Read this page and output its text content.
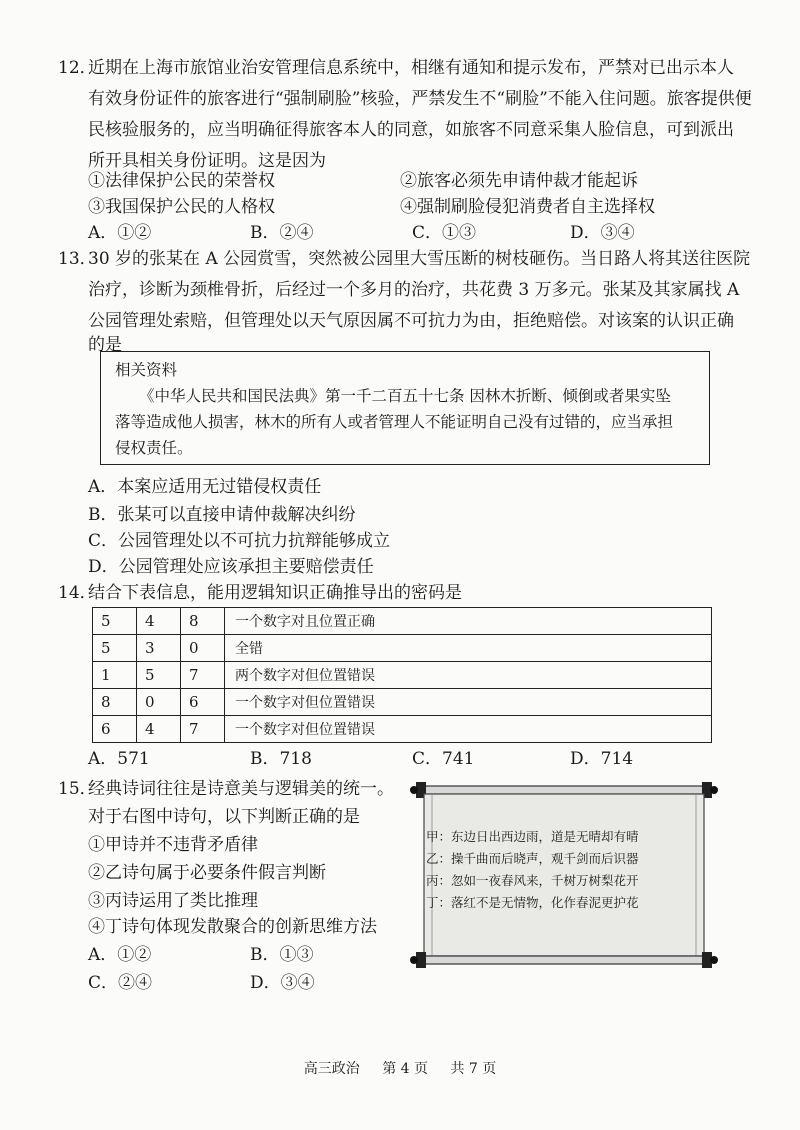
12．
近期在上海市旅馆业治安管理信息系统中，相继有通知和提示发布，严禁对已出示本人
有效身份证件的旅客进行“强制刷脸”核验，严禁发生不“刷脸”不能入住问题。旅客提供便
民核验服务的，应当明确征得旅客本人的同意，如旅客不同意采集人脸信息，可到派出
所开具相关身份证明。这是因为
①法律保护公民的荣誉权	②旅客必须先申请仲裁才能起诉
③我国保护公民的人格权	④强制刷脸侵犯消费者自主选择权
A．①②	B．②④	C．①③	D．③④
13．
30 岁的张某在 A 公园赏雪，突然被公园里大雪压断的树枝砸伤。当日路人将其送往医院
治疗，诊断为颈椎骨折，后经过一个多月的治疗，共花费 3 万多元。张某及其家属找 A
公园管理处索赔，但管理处以天气原因属不可抗力为由，拒绝赔偿。对该案的认识正确
的是
相关资料
《中华人民共和国民法典》第一千二百五十七条 因林木折断、倾倒或者果实坠
落等造成他人损害，林木的所有人或者管理人不能证明自己没有过错的，应当承担
侵权责任。
A．本案应适用无过错侵权责任
B．张某可以直接申请仲裁解决纠纷
C．公园管理处以不可抗力抗辩能够成立
D．公园管理处应该承担主要赔偿责任
14．
结合下表信息，能用逻辑知识正确推导出的密码是
5	4	8	一个数字对且位置正确
5	3	0	全错
1	5	7	两个数字对但位置错误
8	0	6	一个数字对但位置错误
6	4	7	一个数字对但位置错误
A．571	B．718	C．741	D．714
15．
经典诗词往往是诗意美与逻辑美的统一。
对于右图中诗句，以下判断正确的是
①甲诗并不违背矛盾律
②乙诗句属于必要条件假言判断
③丙诗运用了类比推理
④丁诗句体现发散聚合的创新思维方法
A．①②	B．①③
C．②④	D．③④
甲：东边日出西边雨，道是无晴却有晴
乙：操千曲而后晓声，观千剑而后识器
丙：忽如一夜春风来，千树万树梨花开
丁：落红不是无情物，化作春泥更护花
高三政治 第 4 页 共 7 页
